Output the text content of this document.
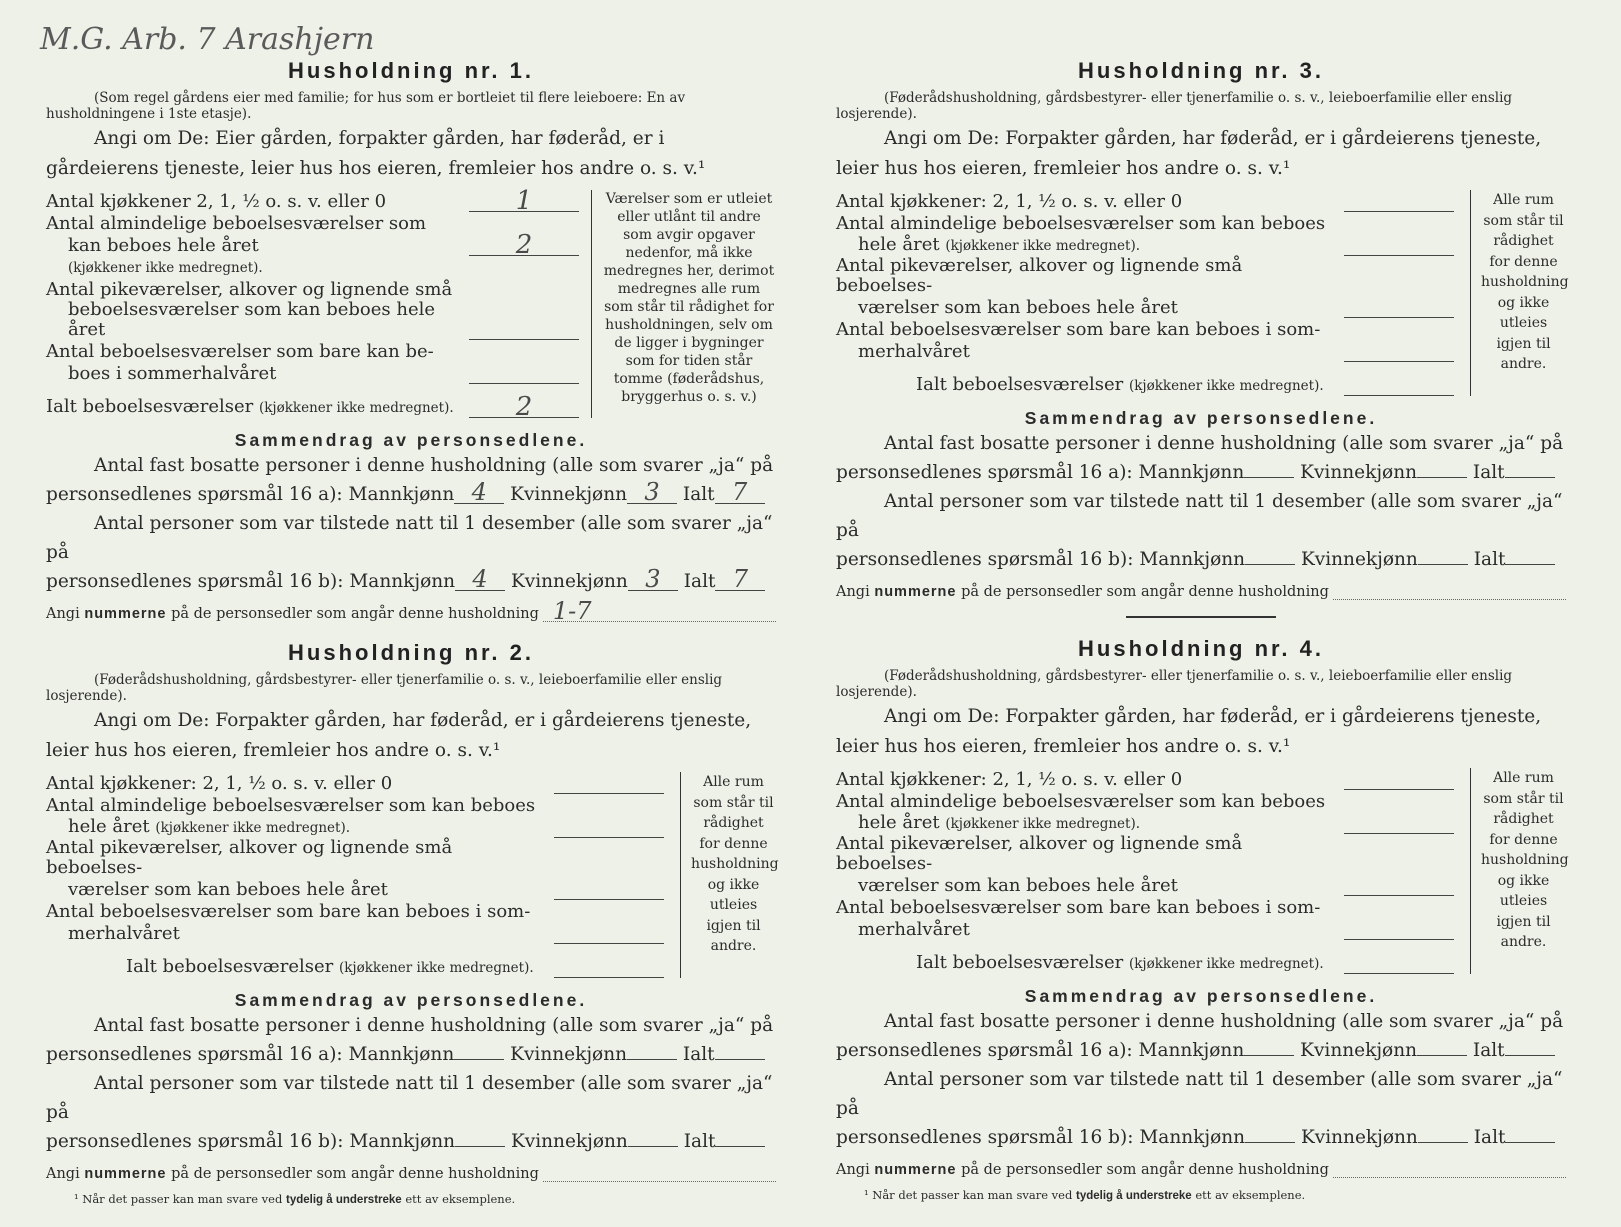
M.G. Arb. 7 Arashjern
Husholdning nr. 1.
(Som regel gårdens eier med familie; for hus som er bortleiet til flere leieboere: En av husholdningene i 1ste etasje).
Angi om De: Eier gården, forpakter gården, har føderåd, er i gårdeierens tjeneste, leier hus hos eieren, fremleier hos andre o. s. v.¹
Antal kjøkkener 2, 1, ½ o. s. v. eller 0	1
Antal almindelige beboelsesværelser som
kan beboes hele året	2
(kjøkkener ikke medregnet).
Antal pikeværelser, alkover og lignende små
beboelsesværelser som kan beboes hele året
Antal beboelsesværelser som bare kan be-
boes i sommerhalvåret
Ialt beboelsesværelser (kjøkkener ikke medregnet).	2
Værelser som er utleiet eller utlånt til andre som avgir opgaver nedenfor, må ikke medregnes her, derimot medregnes alle rum som står til rådighet for husholdningen, selv om de ligger i bygninger som for tiden står tomme (føderådshus, bryggerhus o. s. v.)
Sammendrag av personsedlene.
Antal fast bosatte personer i denne husholdning (alle som svarer „ja“ på
personsedlenes spørsmål 16 a): Mannkjønn 4 Kvinnekjønn 3 Ialt 7
Antal personer som var tilstede natt til 1 desember (alle som svarer „ja“ på
personsedlenes spørsmål 16 b): Mannkjønn 4 Kvinnekjønn 3 Ialt 7
Angi
nummerne
på de personsedler som angår denne husholdning 1-7
Husholdning nr. 2.
(Føderådshusholdning, gårdsbestyrer- eller tjenerfamilie o. s. v., leieboerfamilie eller enslig losjerende).
Angi om De: Forpakter gården, har føderåd, er i gårdeierens tjeneste, leier hus hos eieren, fremleier hos andre o. s. v.¹
Antal kjøkkener: 2, 1, ½ o. s. v. eller 0
Antal almindelige beboelsesværelser som kan beboes
hele året (kjøkkener ikke medregnet).
Antal pikeværelser, alkover og lignende små beboelses-
værelser som kan beboes hele året
Antal beboelsesværelser som bare kan beboes i som-
merhalvåret
Ialt beboelsesværelser (kjøkkener ikke medregnet).
Alle rum som står til rådighet for denne husholdning og ikke utleies igjen til andre.
Sammendrag av personsedlene.
Antal fast bosatte personer i denne husholdning (alle som svarer „ja“ på
personsedlenes spørsmål 16 a): Mannkjønn	Kvinnekjønn	Ialt
Antal personer som var tilstede natt til 1 desember (alle som svarer „ja“ på
personsedlenes spørsmål 16 b): Mannkjønn	Kvinnekjønn	Ialt
Angi
nummerne
på de personsedler som angår denne husholdning
¹ Når det passer kan man svare ved tydelig å understreke ett av eksemplene.
Husholdning nr. 3.
(Føderådshusholdning, gårdsbestyrer- eller tjenerfamilie o. s. v., leieboerfamilie eller enslig losjerende).
Angi om De: Forpakter gården, har føderåd, er i gårdeierens tjeneste, leier hus hos eieren, fremleier hos andre o. s. v.¹
Antal kjøkkener: 2, 1, ½ o. s. v. eller 0
Antal almindelige beboelsesværelser som kan beboes
hele året (kjøkkener ikke medregnet).
Antal pikeværelser, alkover og lignende små beboelses-
værelser som kan beboes hele året
Antal beboelsesværelser som bare kan beboes i som-
merhalvåret
Ialt beboelsesværelser (kjøkkener ikke medregnet).
Alle rum som står til rådighet for denne husholdning og ikke utleies igjen til andre.
Sammendrag av personsedlene.
Antal fast bosatte personer i denne husholdning (alle som svarer „ja“ på
personsedlenes spørsmål 16 a): Mannkjønn	Kvinnekjønn	Ialt
Antal personer som var tilstede natt til 1 desember (alle som svarer „ja“ på
personsedlenes spørsmål 16 b): Mannkjønn	Kvinnekjønn	Ialt
Angi
nummerne
på de personsedler som angår denne husholdning
Husholdning nr. 4.
(Føderådshusholdning, gårdsbestyrer- eller tjenerfamilie o. s. v., leieboerfamilie eller enslig losjerende).
Angi om De: Forpakter gården, har føderåd, er i gårdeierens tjeneste, leier hus hos eieren, fremleier hos andre o. s. v.¹
Antal kjøkkener: 2, 1, ½ o. s. v. eller 0
Antal almindelige beboelsesværelser som kan beboes
hele året (kjøkkener ikke medregnet).
Antal pikeværelser, alkover og lignende små beboelses-
værelser som kan beboes hele året
Antal beboelsesværelser som bare kan beboes i som-
merhalvåret
Ialt beboelsesværelser (kjøkkener ikke medregnet).
Alle rum som står til rådighet for denne husholdning og ikke utleies igjen til andre.
Sammendrag av personsedlene.
Antal fast bosatte personer i denne husholdning (alle som svarer „ja“ på
personsedlenes spørsmål 16 a): Mannkjønn	Kvinnekjønn	Ialt
Antal personer som var tilstede natt til 1 desember (alle som svarer „ja“ på
personsedlenes spørsmål 16 b): Mannkjønn	Kvinnekjønn	Ialt
Angi
nummerne
på de personsedler som angår denne husholdning
¹ Når det passer kan man svare ved tydelig å understreke ett av eksemplene.
